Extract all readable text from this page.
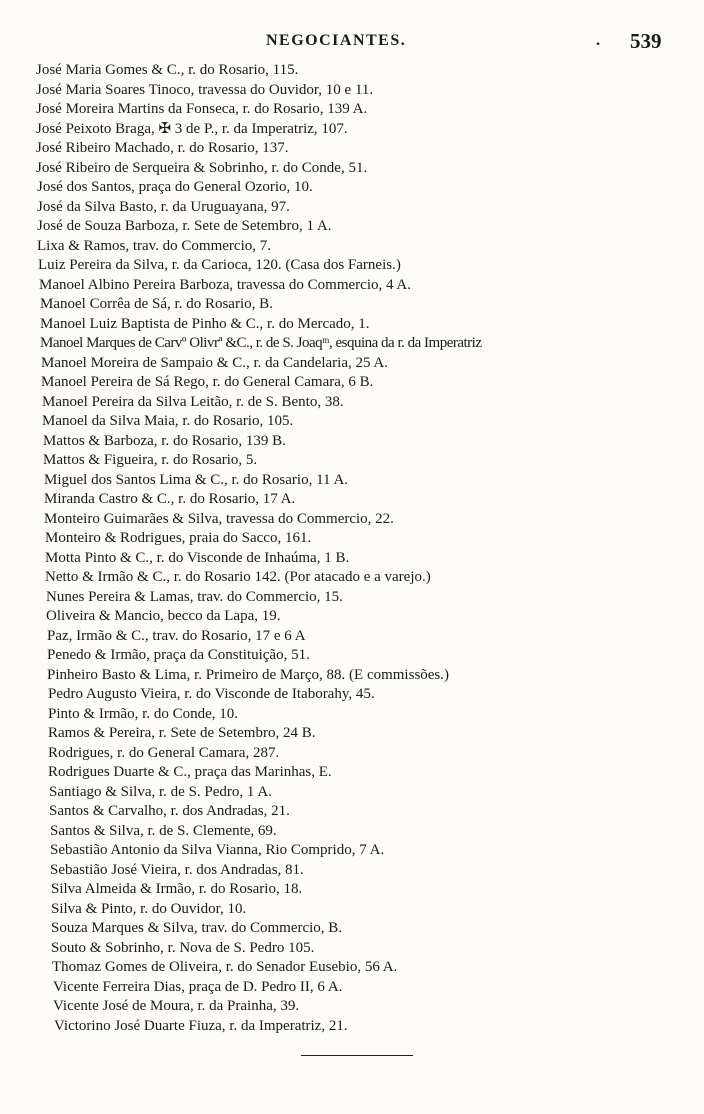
NEGOCIANTES.	. 539
José Maria Gomes & C., r. do Rosario, 115.
José Maria Soares Tinoco, travessa do Ouvidor, 10 e 11.
José Moreira Martins da Fonseca, r. do Rosario, 139 A.
José Peixoto Braga, ✠ 3 de P., r. da Imperatriz, 107.
José Ribeiro Machado, r. do Rosario, 137.
José Ribeiro de Serqueira & Sobrinho, r. do Conde, 51.
José dos Santos, praça do General Ozorio, 10.
José da Silva Basto, r. da Uruguayana, 97.
José de Souza Barboza, r. Sete de Setembro, 1 A.
Lixa & Ramos, trav. do Commercio, 7.
Luiz Pereira da Silva, r. da Carioca, 120. (Casa dos Farneis.)
Manoel Albino Pereira Barboza, travessa do Commercio, 4 A.
Manoel Corrêa de Sá, r. do Rosario, B.
Manoel Luiz Baptista de Pinho & C., r. do Mercado, 1.
Manoel Marques de Carvº Olivrª &C., r. de S. Joaqᵐ, esquina da r. da Imperatriz
Manoel Moreira de Sampaio & C., r. da Candelaria, 25 A.
Manoel Pereira de Sá Rego, r. do General Camara, 6 B.
Manoel Pereira da Silva Leitão, r. de S. Bento, 38.
Manoel da Silva Maia, r. do Rosario, 105.
Mattos & Barboza, r. do Rosario, 139 B.
Mattos & Figueira, r. do Rosario, 5.
Miguel dos Santos Lima & C., r. do Rosario, 11 A.
Miranda Castro & C., r. do Rosario, 17 A.
Monteiro Guimarães & Silva, travessa do Commercio, 22.
Monteiro & Rodrigues, praia do Sacco, 161.
Motta Pinto & C., r. do Visconde de Inhaúma, 1 B.
Netto & Irmão & C., r. do Rosario 142. (Por atacado e a varejo.)
Nunes Pereira & Lamas, trav. do Commercio, 15.
Oliveira & Mancio, becco da Lapa, 19.
Paz, Irmão & C., trav. do Rosario, 17 e 6 A
Penedo & Irmão, praça da Constituição, 51.
Pinheiro Basto & Lima, r. Primeiro de Março, 88. (E commissões.)
Pedro Augusto Vieira, r. do Visconde de Itaborahy, 45.
Pinto & Irmão, r. do Conde, 10.
Ramos & Pereira, r. Sete de Setembro, 24 B.
Rodrigues, r. do General Camara, 287.
Rodrigues Duarte & C., praça das Marinhas, E.
Santiago & Silva, r. de S. Pedro, 1 A.
Santos & Carvalho, r. dos Andradas, 21.
Santos & Silva, r. de S. Clemente, 69.
Sebastião Antonio da Silva Vianna, Rio Comprido, 7 A.
Sebastião José Vieira, r. dos Andradas, 81.
Silva Almeida & Irmão, r. do Rosario, 18.
Silva & Pinto, r. do Ouvidor, 10.
Souza Marques & Silva, trav. do Commercio, B.
Souto & Sobrinho, r. Nova de S. Pedro 105.
Thomaz Gomes de Oliveira, r. do Senador Eusebio, 56 A.
Vicente Ferreira Dias, praça de D. Pedro II, 6 A.
Vicente José de Moura, r. da Prainha, 39.
Victorino José Duarte Fiuza, r. da Imperatriz, 21.
